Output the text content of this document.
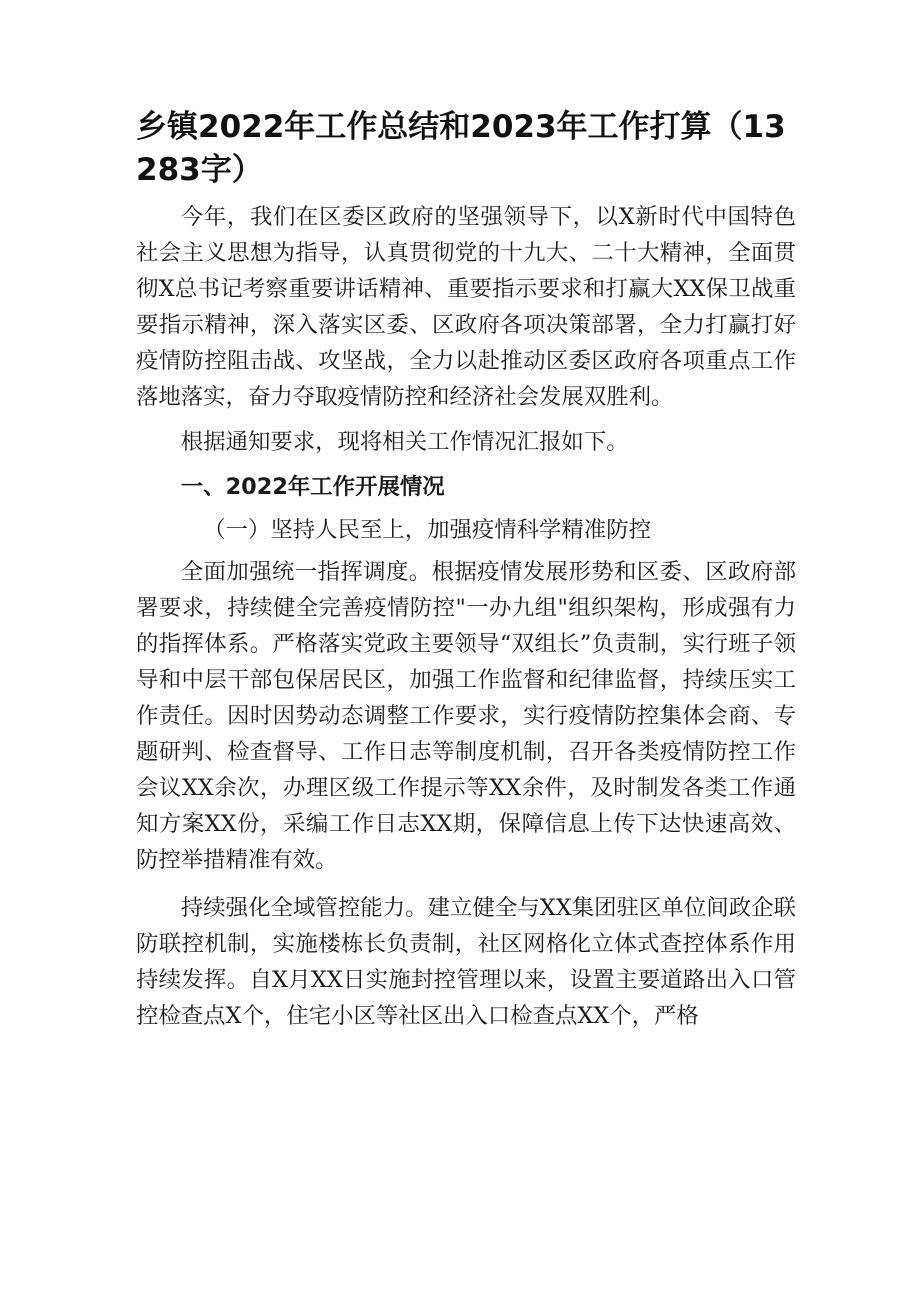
乡镇2022年工作总结和2023年工作打算（13283字）

今年，我们在区委区政府的坚强领导下，以X新时代中国特色社会主义思想为指导，认真贯彻党的十九大、二十大精神，全面贯彻X总书记考察重要讲话精神、重要指示要求和打赢大XX保卫战重要指示精神，深入落实区委、区政府各项决策部署，全力打赢打好疫情防控阻击战、攻坚战，全力以赴推动区委区政府各项重点工作落地落实，奋力夺取疫情防控和经济社会发展双胜利。

根据通知要求，现将相关工作情况汇报如下。

一、2022年工作开展情况

（一）坚持人民至上，加强疫情科学精准防控

全面加强统一指挥调度。根据疫情发展形势和区委、区政府部署要求，持续健全完善疫情防控"一办九组"组织架构，形成强有力的指挥体系。严格落实党政主要领导“双组长”负责制，实行班子领导和中层干部包保居民区，加强工作监督和纪律监督，持续压实工作责任。因时因势动态调整工作要求，实行疫情防控集体会商、专题研判、检查督导、工作日志等制度机制，召开各类疫情防控工作会议XX余次，办理区级工作提示等XX余件，及时制发各类工作通知方案XX份，采编工作日志XX期，保障信息上传下达快速高效、防控举措精准有效。

持续强化全域管控能力。建立健全与XX集团驻区单位间政企联防联控机制，实施楼栋长负责制，社区网格化立体式查控体系作用持续发挥。自X月XX日实施封控管理以来，设置主要道路出入口管控检查点X个，住宅小区等社区出入口检查点XX个，严格
